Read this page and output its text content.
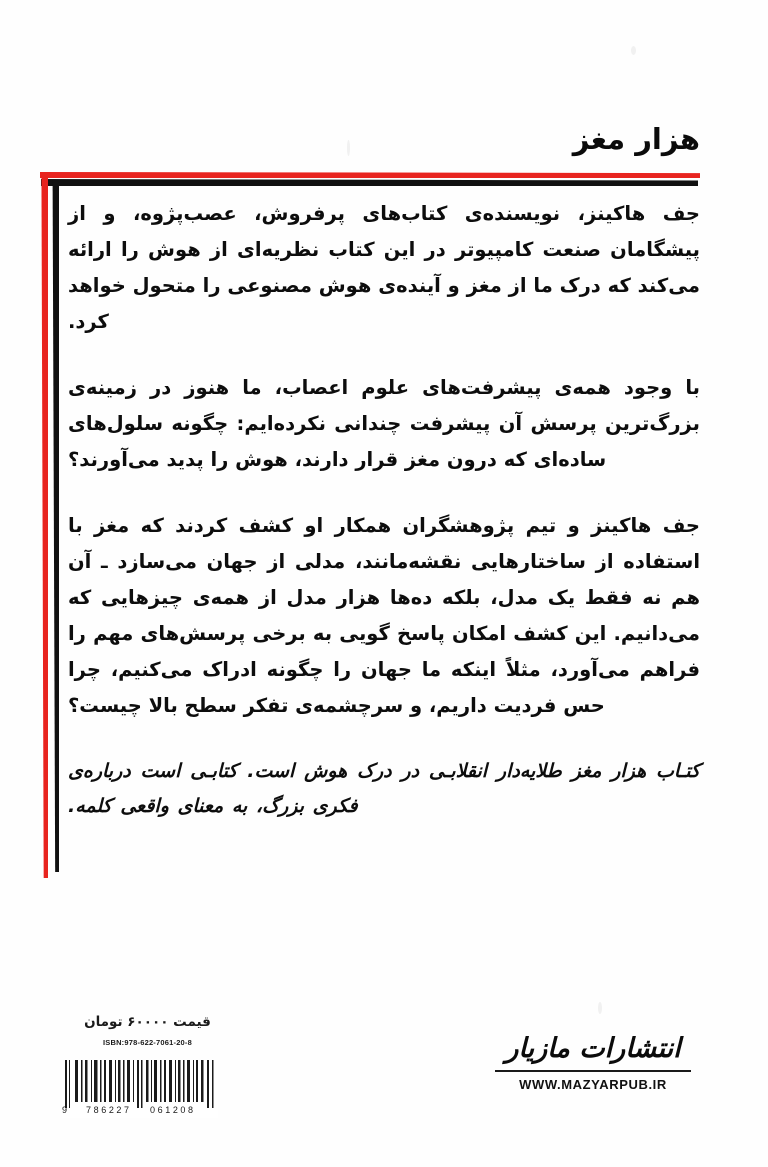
هزار مغز

جف هاکینز، نویسنده‌ی کتاب‌های پرفروش، عصب‌پژوه، و از پیشگامان صنعت کامپیوتر در این کتاب نظریه‌ای از هوش را ارائه می‌کند که درک ما از مغز و آینده‌ی هوش مصنوعی را متحول خواهد کرد.

با وجود همه‌ی پیشرفت‌های علوم اعصاب، ما هنوز در زمینه‌ی بزرگ‌ترین پرسش آن پیشرفت چندانی نکرده‌ایم: چگونه سلول‌های ساده‌ای که درون مغز قرار دارند، هوش را پدید می‌آورند؟

جف هاکینز و تیم پژوهشگران همکار او کشف کردند که مغز با استفاده از ساختارهایی نقشه‌مانند، مدلی از جهان می‌سازد ـ آن هم نه فقط یک مدل، بلکه ده‌ها هزار مدل از همه‌ی چیزهایی که می‌دانیم. این کشف امکان پاسخ گویی به برخی پرسش‌های مهم را فراهم می‌آورد، مثلاً اینکه ما جهان را چگونه ادراک می‌کنیم، چرا حس فردیت داریم، و سرچشمه‌ی تفکر سطح بالا چیست؟

کتـاب هزار مغز طلایه‌دار انقلابـی در درک هوش است. کتابـی است درباره‌ی فکری بزرگ، به معنای واقعی کلمه.

قیمت ۶۰۰۰۰ تومان
ISBN:978-622-7061-20-8
9 786227 061208
انتشارات مازیار
WWW.MAZYARPUB.IR
